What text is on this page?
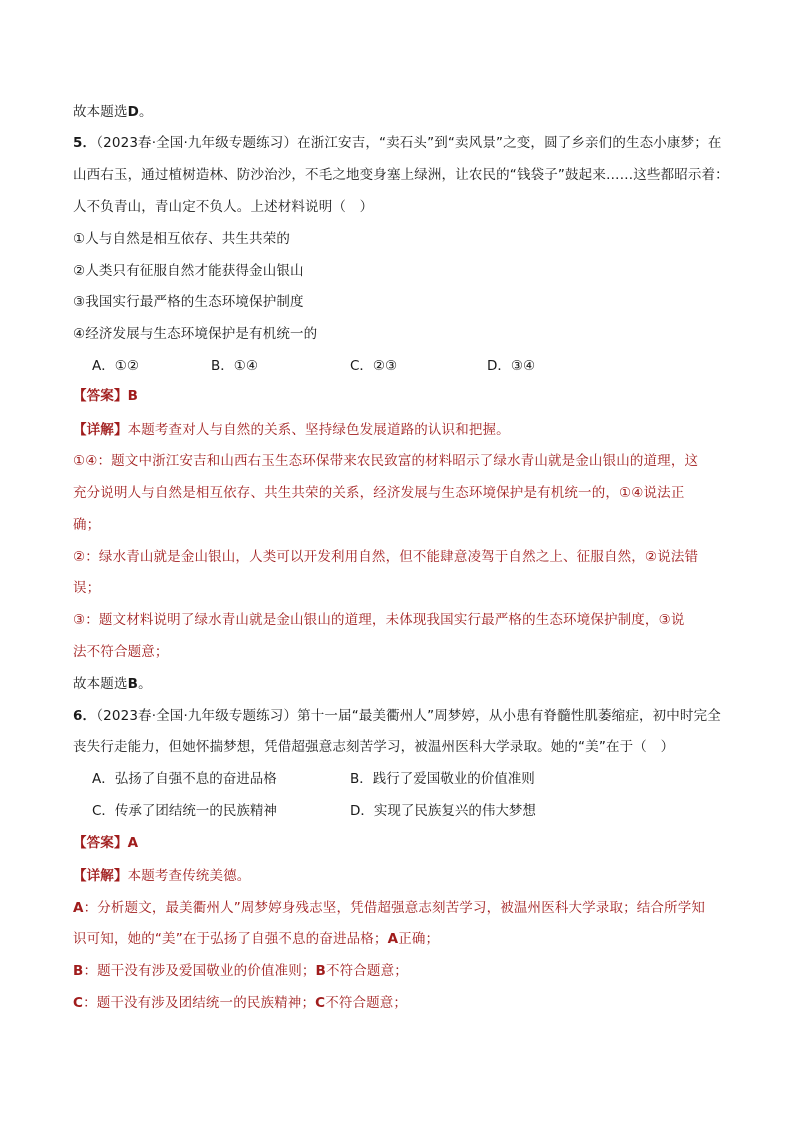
故本题选D。
5．（2023春·全国·九年级专题练习）在浙江安吉，“卖石头”到“卖风景”之变，圆了乡亲们的生态小康梦；在
山西右玉，通过植树造林、防沙治沙，不毛之地变身塞上绿洲，让农民的“钱袋子”鼓起来……这些都昭示着：
人不负青山，青山定不负人。上述材料说明（　）
①人与自然是相互依存、共生共荣的
②人类只有征服自然才能获得金山银山
③我国实行最严格的生态环境保护制度
④经济发展与生态环境保护是有机统一的
A．①②	B．①④	C．②③	D．③④
【答案】B
【详解】本题考查对人与自然的关系、坚持绿色发展道路的认识和把握。
①④：题文中浙江安吉和山西右玉生态环保带来农民致富的材料昭示了绿水青山就是金山银山的道理，这
充分说明人与自然是相互依存、共生共荣的关系，经济发展与生态环境保护是有机统一的，①④说法正
确；
②：绿水青山就是金山银山，人类可以开发利用自然，但不能肆意凌驾于自然之上、征服自然，②说法错
误；
③：题文材料说明了绿水青山就是金山银山的道理，未体现我国实行最严格的生态环境保护制度，③说
法不符合题意；
故本题选B。
6．（2023春·全国·九年级专题练习）第十一届“最美衢州人”周梦婷，从小患有脊髓性肌萎缩症，初中时完全
丧失行走能力，但她怀揣梦想，凭借超强意志刻苦学习，被温州医科大学录取。她的“美”在于（　）
A．弘扬了自强不息的奋进品格	B．践行了爱国敬业的价值准则
C．传承了团结统一的民族精神	D．实现了民族复兴的伟大梦想
【答案】A
【详解】本题考查传统美德。
A：分析题文，最美衢州人”周梦婷身残志坚，凭借超强意志刻苦学习，被温州医科大学录取；结合所学知
识可知，她的“美”在于弘扬了自强不息的奋进品格；A正确；
B：题干没有涉及爱国敬业的价值准则；B不符合题意；
C：题干没有涉及团结统一的民族精神；C不符合题意；
